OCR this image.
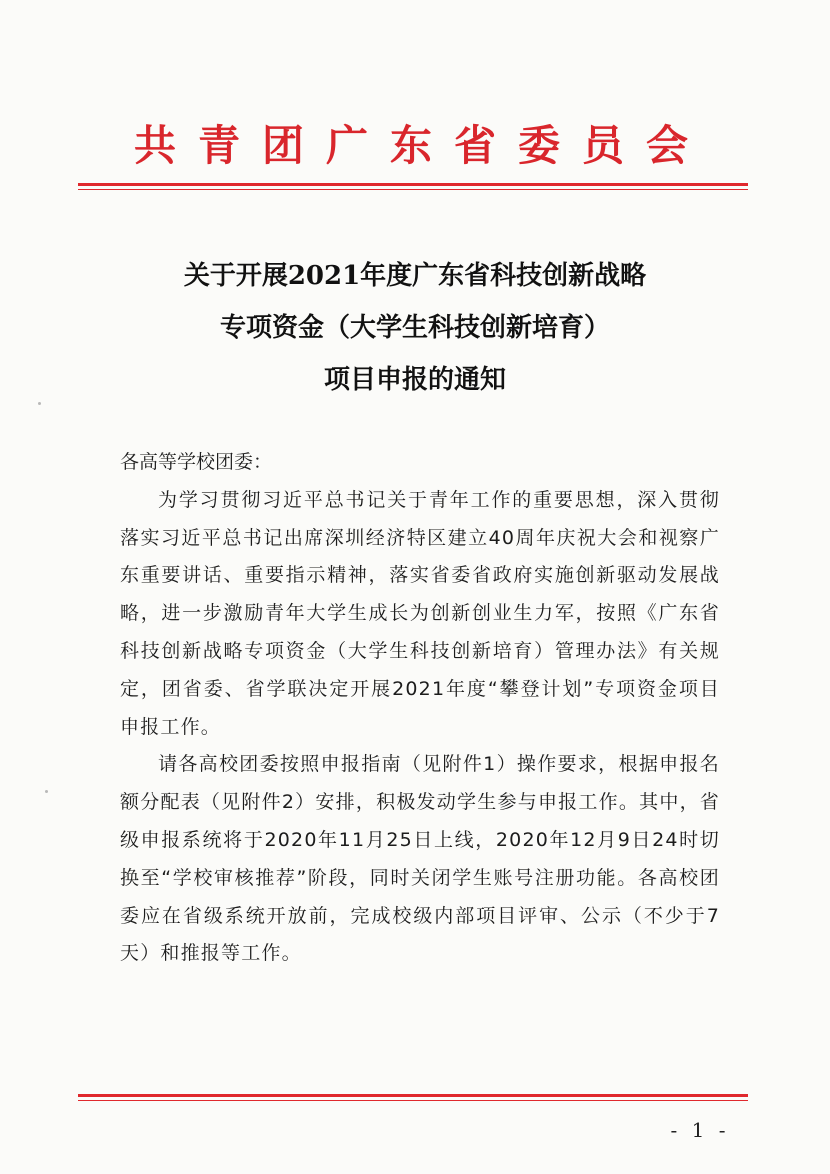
共青团广东省委员会
关于开展2021年度广东省科技创新战略
专项资金（大学生科技创新培育）
项目申报的通知

各高等学校团委：

为学习贯彻习近平总书记关于青年工作的重要思想，深入贯彻落实习近平总书记出席深圳经济特区建立40周年庆祝大会和视察广东重要讲话、重要指示精神，落实省委省政府实施创新驱动发展战略，进一步激励青年大学生成长为创新创业生力军，按照《广东省科技创新战略专项资金（大学生科技创新培育）管理办法》有关规定，团省委、省学联决定开展2021年度“攀登计划”专项资金项目申报工作。

请各高校团委按照申报指南（见附件1）操作要求，根据申报名额分配表（见附件2）安排，积极发动学生参与申报工作。其中，省级申报系统将于2020年11月25日上线，2020年12月9日24时切换至“学校审核推荐”阶段，同时关闭学生账号注册功能。各高校团委应在省级系统开放前，完成校级内部项目评审、公示（不少于7天）和推报等工作。

- 1 -
